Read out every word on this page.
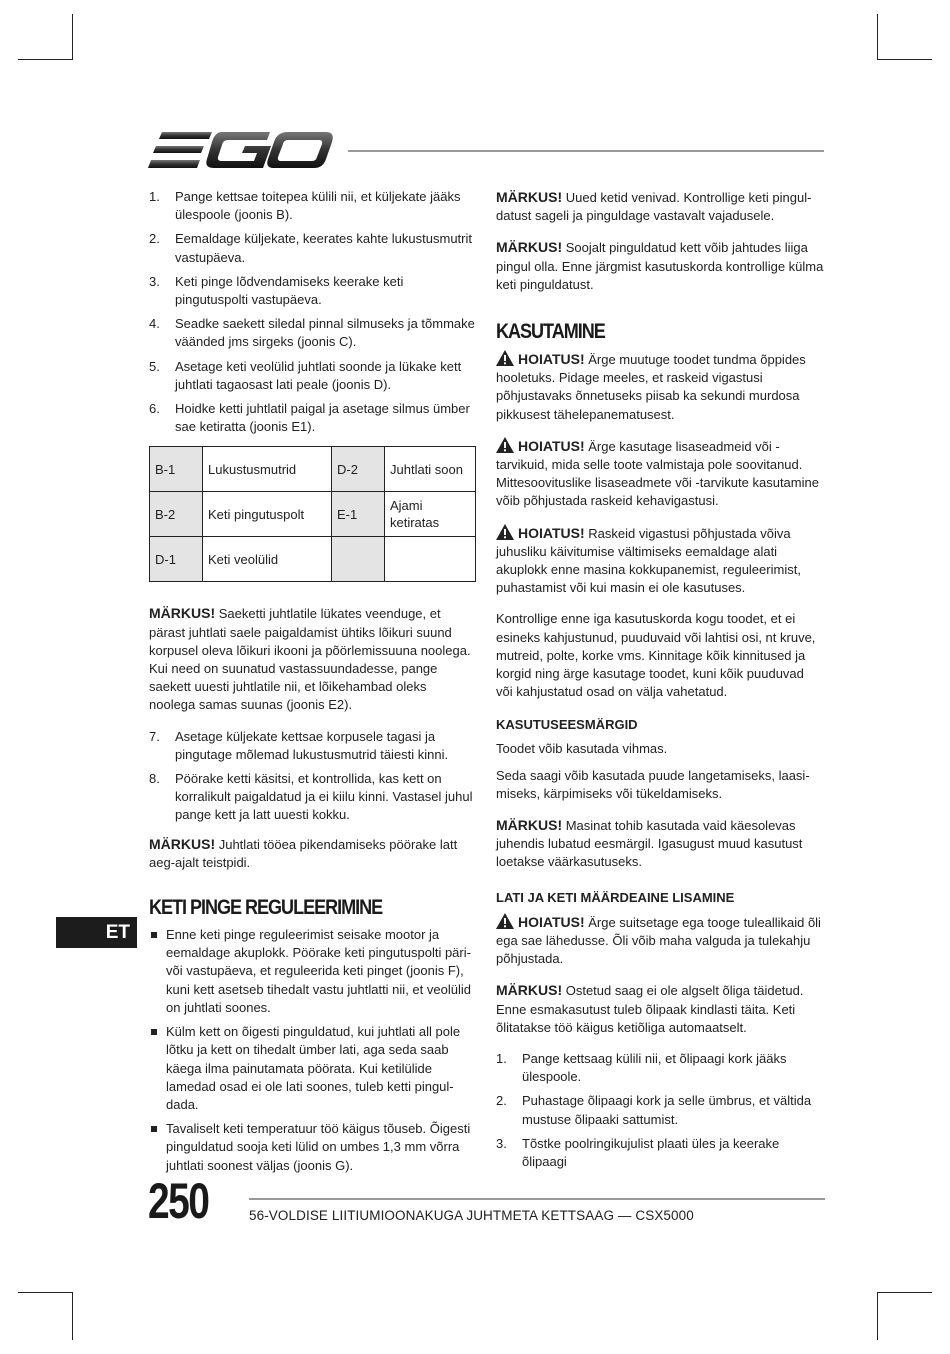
1. Pange kettsae toitepea külili nii, et küljekate jääks ülespoole (joonis B).
2. Eemaldage küljekate, keerates kahte lukustusmutrit vastupäeva.
3. Keti pinge lõdvendamiseks keerake keti pingutuspolti vastupäeva.
4. Seadke saekett siledal pinnal silmuseks ja tõmmake väänded jms sirgeks (joonis C).
5. Asetage keti veolülid juhtlati soonde ja lükake kett juhtlati tagaosast lati peale (joonis D).
6. Hoidke ketti juhtlatil paigal ja asetage silmus ümber sae ketiratta (joonis E1).
B-1	Lukustusmutrid	D-2	Juhtlati soon
B-2	Keti pingutuspolt	E-1	Ajami ketiratas
D-1	Keti veolülid		

MÄRKUS! Saeketti juhtlatile lükates veenduge, et pärast juhtlati saele paigaldamist ühtiks lõikuri suund korpusel oleva lõikuri ikooni ja põörlemissuuna noolega. Kui need on suunatud vastassuundadesse, pange saekett uuesti juhtlatile nii, et lõikehambad oleks noolega samas suunas (joonis E2).

7. Asetage küljekate kettsae korpusele tagasi ja pingutage mõlemad lukustusmutrid täiesti kinni.
8. Pöörake ketti käsitsi, et kontrollida, kas kett on korralikult paigaldatud ja ei kiilu kinni. Vastasel juhul pange kett ja latt uuesti kokku.

MÄRKUS! Juhtlati tööea pikendamiseks pöörake latt aeg-ajalt teistpidi.

KETI PINGE REGULEERIMINE
Enne keti pinge reguleerimist seisake mootor ja eemaldage akuplokk. Pöörake keti pingutuspolti päri- või vastupäeva, et reguleerida keti pinget (joonis F), kuni kett asetseb tihedalt vastu juhtlatti nii, et veolülid on juhtlati soones.
Külm kett on õigesti pinguldatud, kui juhtlati all pole lõtku ja kett on tihedalt ümber lati, aga seda saab käega ilma painutamata pöörata. Kui ketilülide lamedad osad ei ole lati soones, tuleb ketti pinguldada.
Tavaliselt keti temperatuur töö käigus tõuseb. Õigesti pinguldatud sooja keti lülid on umbes 1,3 mm võrra juhtlati soonest väljas (joonis G).

MÄRKUS! Uued ketid venivad. Kontrollige keti pinguldatust sageli ja pinguldage vastavalt vajadusele.

MÄRKUS! Soojalt pinguldatud kett võib jahtudes liiga pingul olla. Enne järgmist kasutuskorda kontrollige külma keti pinguldatust.

KASUTAMINE

HOIATUS! Ärge muutuge toodet tundma õppides hooletuks. Pidage meeles, et raskeid vigastusi põhjustavaks õnnetuseks piisab ka sekundi murdosa pikkusest tähelepanematusest.

HOIATUS! Ärge kasutage lisaseadmeid või -tarvikuid, mida selle toote valmistaja pole soovitanud. Mittesoovituslike lisaseadmete või -tarvikute kasutamine võib põhjustada raskeid kehavigastusi.

HOIATUS! Raskeid vigastusi põhjustada võiva juhusliku käivitumise vältimiseks eemaldage alati akuplokk enne masina kokkupanemist, reguleerimist, puhastamist või kui masin ei ole kasutuses.

Kontrollige enne iga kasutuskorda kogu toodet, et ei esineks kahjustunud, puuduvaid või lahtisi osi, nt kruve, mutreid, polte, korke vms. Kinnitage kõik kinnitused ja korgid ning ärge kasutage toodet, kuni kõik puuduvad või kahjustatud osad on välja vahetatud.

KASUTUSEESMÄRGID

Toodet võib kasutada vihmas.

Seda saagi võib kasutada puude langetamiseks, laasimiseks, kärpimiseks või tükeldamiseks.

MÄRKUS! Masinat tohib kasutada vaid käesolevas juhendis lubatud eesmärgil. Igasugust muud kasutust loetakse väärkasutuseks.

LATI JA KETI MÄÄRDEAINE LISAMINE

HOIATUS! Ärge suitsetage ega tooge tuleallikaid õli ega sae lähedusse. Õli võib maha valguda ja tulekahju põhjustada.

MÄRKUS! Ostetud saag ei ole algselt õliga täidetud. Enne esmakasutust tuleb õlipaak kindlasti täita. Keti õlitatakse töö käigus ketiõliga automaatselt.

1. Pange kettsaag külili nii, et õlipaagi kork jääks ülespoole.
2. Puhastage õlipaagi kork ja selle ümbrus, et vältida mustuse õlipaaki sattumist.
3. Tõstke poolringikujulist plaati üles ja keerake õlipaagi
ET
250	56-VOLDISE LIITIUMIOONAKUGA JUHTMETA KETTSAAG — CSX5000
